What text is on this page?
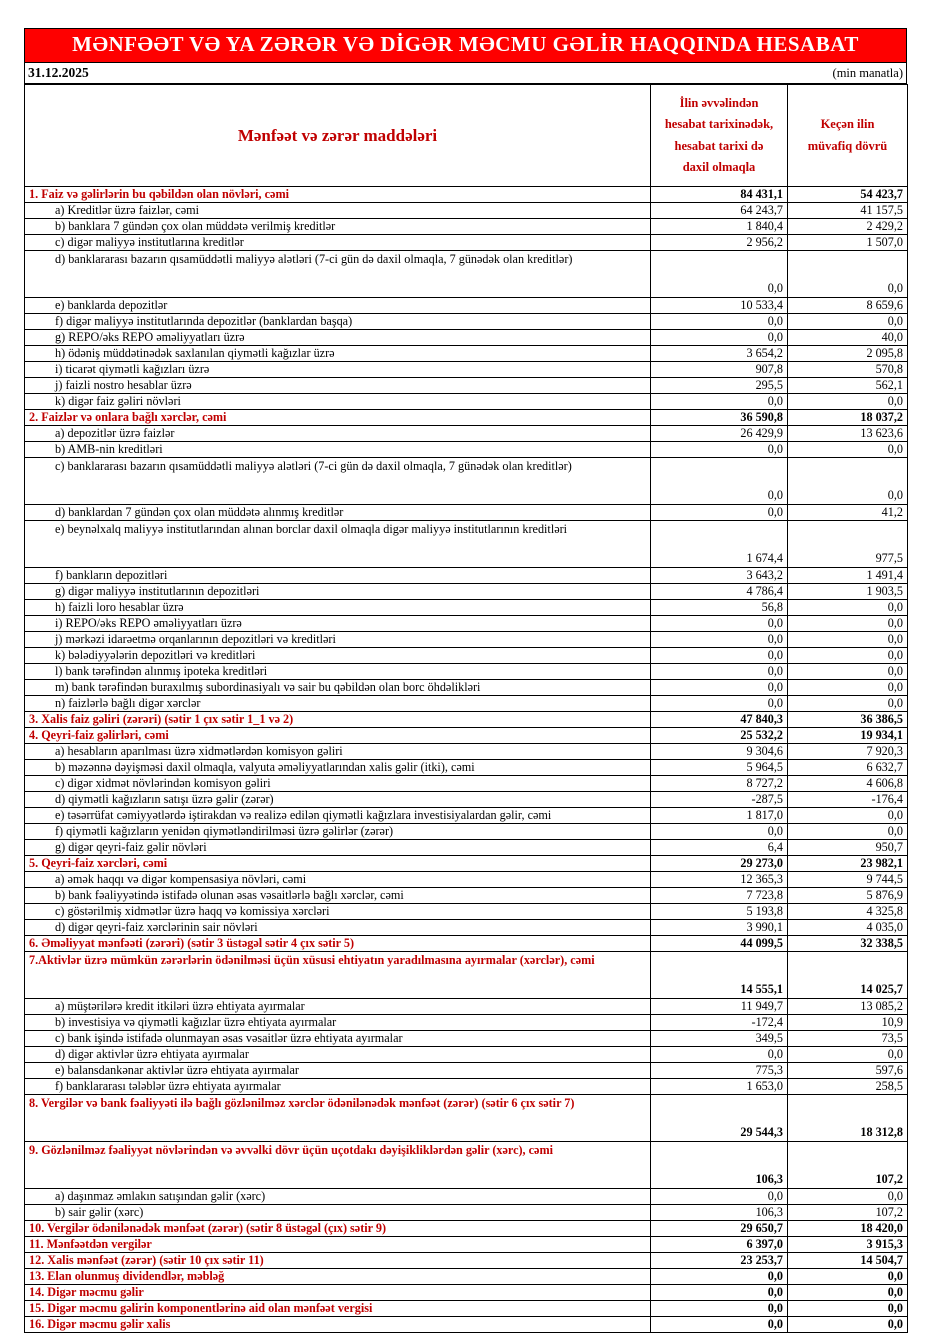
MƏNFƏƏT VƏ YA ZƏRƏR VƏ DİGƏR MƏCMU GƏLİR HAQQINDA HESABAT
31.12.2025	(min manatla)
Mənfəət və zərər maddələri	İlin əvvəlindən hesabat tarixinədək, hesabat tarixi də daxil olmaqla	Keçən ilin müvafiq dövrü
1. Faiz və gəlirlərin bu qəbildən olan növləri, cəmi	84 431,1	54 423,7
a) Kreditlər üzrə faizlər, cəmi	64 243,7	41 157,5
b) banklara 7 gündən çox olan müddətə verilmiş kreditlər	1 840,4	2 429,2
c) digər maliyyə institutlarına kreditlər	2 956,2	1 507,0
d) banklararası bazarın qısamüddətli maliyyə alətləri (7-ci gün də daxil olmaqla, 7 günədək olan kreditlər)	0,0	0,0
e) banklarda depozitlər	10 533,4	8 659,6
f) digər maliyyə institutlarında depozitlər (banklardan başqa)	0,0	0,0
g) REPO/əks REPO əməliyyatları üzrə	0,0	40,0
h) ödəniş müddətinədək saxlanılan qiymətli kağızlar üzrə	3 654,2	2 095,8
i) ticarət qiymətli kağızları üzrə	907,8	570,8
j) faizli nostro hesablar üzrə	295,5	562,1
k) digər faiz gəliri növləri	0,0	0,0
2. Faizlər və onlara bağlı xərclər, cəmi	36 590,8	18 037,2
a) depozitlər üzrə faizlər	26 429,9	13 623,6
b) AMB-nin kreditləri	0,0	0,0
c) banklararası bazarın qısamüddətli maliyyə alətləri (7-ci gün də daxil olmaqla, 7 günədək olan kreditlər)	0,0	0,0
d) banklardan 7 gündən çox olan müddətə alınmış kreditlər	0,0	41,2
e) beynəlxalq maliyyə institutlarından alınan borclar daxil olmaqla digər maliyyə institutlarının kreditləri	1 674,4	977,5
f) bankların depozitləri	3 643,2	1 491,4
g) digər maliyyə institutlarının depozitləri	4 786,4	1 903,5
h) faizli loro hesablar üzrə	56,8	0,0
i) REPO/əks REPO əməliyyatları üzrə	0,0	0,0
j) mərkəzi idarəetmə orqanlarının depozitləri və kreditləri	0,0	0,0
k) bələdiyyələrin depozitləri və kreditləri	0,0	0,0
l) bank tərəfindən alınmış ipoteka kreditləri	0,0	0,0
m) bank tərəfindən buraxılmış subordinasiyalı və sair bu qəbildən olan borc öhdəlikləri	0,0	0,0
n) faizlərlə bağlı digər xərclər	0,0	0,0
3. Xalis faiz gəliri (zərəri) (sətir 1 çıx sətir 1_1 və 2)	47 840,3	36 386,5
4. Qeyri-faiz gəlirləri, cəmi	25 532,2	19 934,1
a) hesabların aparılması üzrə xidmətlərdən komisyon gəliri	9 304,6	7 920,3
b) məzənnə dəyişməsi daxil olmaqla, valyuta əməliyyatlarından xalis gəlir (itki), cəmi	5 964,5	6 632,7
c) digər xidmət növlərindən komisyon gəliri	8 727,2	4 606,8
d) qiymətli kağızların satışı üzrə gəlir (zərər)	-287,5	-176,4
e) təsərrüfat cəmiyyətlərdə iştirakdan və realizə edilən qiymətli kağızlara investisiyalardan gəlir, cəmi	1 817,0	0,0
f) qiymətli kağızların yenidən qiymətləndirilməsi üzrə gəlirlər (zərər)	0,0	0,0
g) digər qeyri-faiz gəlir növləri	6,4	950,7
5. Qeyri-faiz xərcləri, cəmi	29 273,0	23 982,1
a) əmək haqqı və digər kompensasiya növləri, cəmi	12 365,3	9 744,5
b) bank fəaliyyətində istifadə olunan əsas vəsaitlərlə bağlı xərclər, cəmi	7 723,8	5 876,9
c) göstərilmiş xidmətlər üzrə haqq və komissiya xərcləri	5 193,8	4 325,8
d) digər qeyri-faiz xərclərinin sair növləri	3 990,1	4 035,0
6. Əməliyyat mənfəəti (zərəri) (sətir 3 üstəgəl sətir 4 çıx sətir 5)	44 099,5	32 338,5
7.Aktivlər üzrə mümkün zərərlərin ödənilməsi üçün xüsusi ehtiyatın yaradılmasına ayırmalar (xərclər), cəmi	14 555,1	14 025,7
a) müştərilərə kredit itkiləri üzrə ehtiyata ayırmalar	11 949,7	13 085,2
b) investisiya və qiymətli kağızlar üzrə ehtiyata ayırmalar	-172,4	10,9
c) bank işində istifadə olunmayan əsas vəsaitlər üzrə ehtiyata ayırmalar	349,5	73,5
d) digər aktivlər üzrə ehtiyata ayırmalar	0,0	0,0
e) balansdankənar aktivlər üzrə ehtiyata ayırmalar	775,3	597,6
f) banklararası tələblər üzrə ehtiyata ayırmalar	1 653,0	258,5
8. Vergilər və bank fəaliyyəti ilə bağlı gözlənilməz xərclər ödənilənədək mənfəət (zərər) (sətir 6 çıx sətir 7)	29 544,3	18 312,8
9. Gözlənilməz fəaliyyət növlərindən və əvvəlki dövr üçün uçotdakı dəyişikliklərdən gəlir (xərc), cəmi	106,3	107,2
a) daşınmaz əmlakın satışından gəlir (xərc)	0,0	0,0
b) sair gəlir (xərc)	106,3	107,2
10. Vergilər ödənilənədək mənfəət (zərər) (sətir 8 üstəgəl (çıx) sətir 9)	29 650,7	18 420,0
11. Mənfəətdən vergilər	6 397,0	3 915,3
12. Xalis mənfəət (zərər) (sətir 10 çıx sətir 11)	23 253,7	14 504,7
13. Elan olunmuş dividendlər, məbləğ	0,0	0,0
14. Digər məcmu gəlir	0,0	0,0
15. Digər məcmu gəlirin komponentlərinə aid olan mənfəət vergisi	0,0	0,0
16. Digər məcmu gəlir xalis	0,0	0,0
